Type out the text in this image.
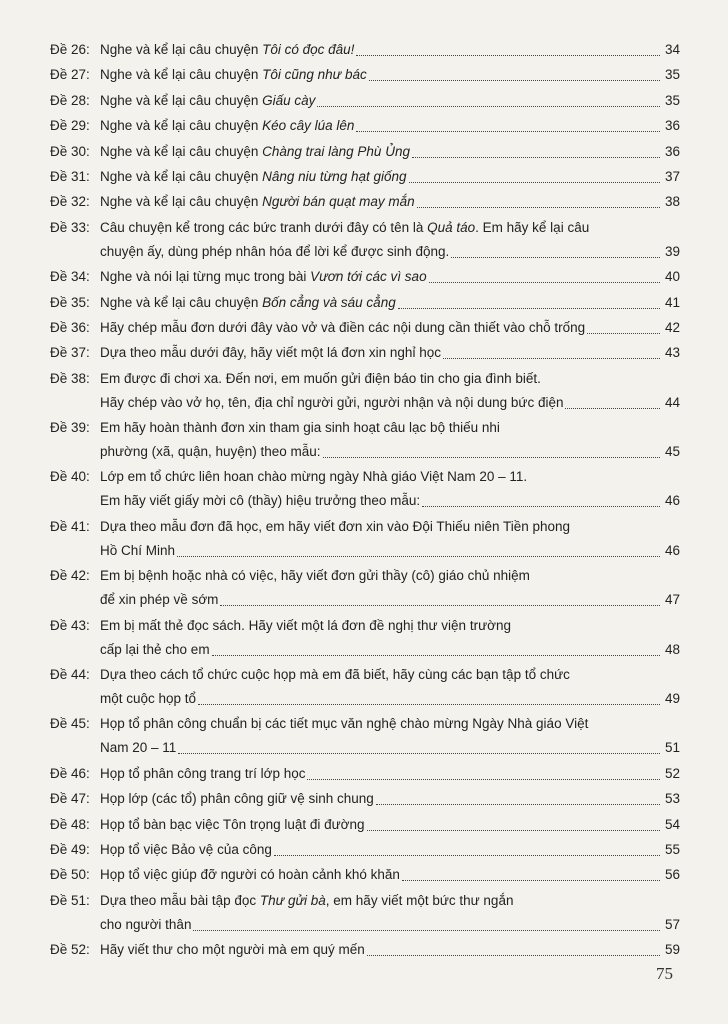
Đề 26: Nghe và kể lại câu chuyện Tôi có đọc đâu!	34
Đề 27: Nghe và kể lại câu chuyện Tôi cũng như bác	35
Đề 28: Nghe và kể lại câu chuyện Giấu cày	35
Đề 29: Nghe và kể lại câu chuyện Kéo cây lúa lên	36
Đề 30: Nghe và kể lại câu chuyện Chàng trai làng Phù Ủng	36
Đề 31: Nghe và kể lại câu chuyện Nâng niu từng hạt giống	37
Đề 32: Nghe và kể lại câu chuyện Người bán quạt may mắn	38
Đề 33: Câu chuyện kể trong các bức tranh dưới đây có tên là Quả táo. Em hãy kể lại câu
chuyện ấy, dùng phép nhân hóa để lời kể được sinh động.	39
Đề 34: Nghe và nói lại từng mục trong bài Vươn tới các vì sao	40
Đề 35: Nghe và kể lại câu chuyện Bốn cẳng và sáu cẳng	41
Đề 36: Hãy chép mẫu đơn dưới đây vào vở và điền các nội dung cần thiết vào chỗ trống	42
Đề 37: Dựa theo mẫu dưới đây, hãy viết một lá đơn xin nghỉ học	43
Đề 38: Em được đi chơi xa. Đến nơi, em muốn gửi điện báo tin cho gia đình biết.
Hãy chép vào vở họ, tên, địa chỉ người gửi, người nhận và nội dung bức điện	44
Đề 39: Em hãy hoàn thành đơn xin tham gia sinh hoạt câu lạc bộ thiếu nhi
phường (xã, quận, huyện) theo mẫu:	45
Đề 40: Lớp em tổ chức liên hoan chào mừng ngày Nhà giáo Việt Nam 20 – 11.
Em hãy viết giấy mời cô (thầy) hiệu trưởng theo mẫu:	46
Đề 41: Dựa theo mẫu đơn đã học, em hãy viết đơn xin vào Đội Thiếu niên Tiền phong
Hồ Chí Minh	46
Đề 42: Em bị bệnh hoặc nhà có việc, hãy viết đơn gửi thầy (cô) giáo chủ nhiệm
để xin phép về sớm	47
Đề 43: Em bị mất thẻ đọc sách. Hãy viết một lá đơn đề nghị thư viện trường
cấp lại thẻ cho em	48
Đề 44: Dựa theo cách tổ chức cuộc họp mà em đã biết, hãy cùng các bạn tập tổ chức
một cuộc họp tổ	49
Đề 45: Họp tổ phân công chuẩn bị các tiết mục văn nghệ chào mừng Ngày Nhà giáo Việt
Nam 20 – 11	51
Đề 46: Họp tổ phân công trang trí lớp học	52
Đề 47: Họp lớp (các tổ) phân công giữ vệ sinh chung	53
Đề 48: Họp tổ bàn bạc việc Tôn trọng luật đi đường	54
Đề 49: Họp tổ việc Bảo vệ của công	55
Đề 50: Họp tổ việc giúp đỡ người có hoàn cảnh khó khăn	56
Đề 51: Dựa theo mẫu bài tập đọc Thư gửi bà, em hãy viết một bức thư ngắn
cho người thân	57
Đề 52: Hãy viết thư cho một người mà em quý mến	59
75
